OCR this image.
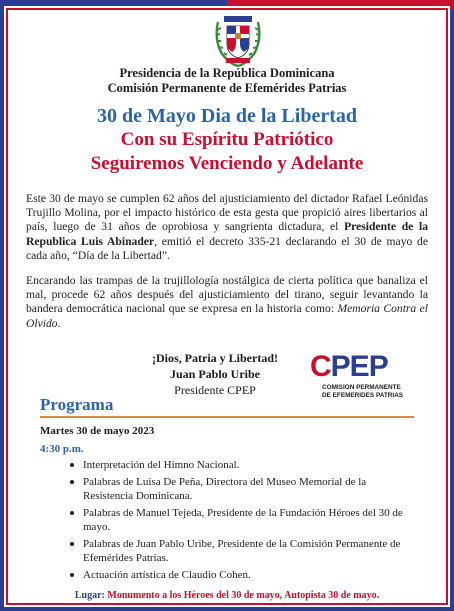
Presidencia de la República Dominicana
Comisión Permanente de Efemérides Patrias
30 de Mayo Dia de la Libertad
Con su Espíritu Patriótico
Seguiremos Venciendo y Adelante

Este 30 de mayo se cumplen 62 años del ajusticiamiento del dictador Rafael Leónidas Trujillo Molina, por el impacto histórico de esta gesta que propició aires libertarios al país, luego de 31 años de oprobiosa y sangrienta dictadura, el Presidente de la Republica Luis Abinader, emitió el decreto 335-21 declarando el 30 de mayo de cada año, “Día de la Libertad”.

Encarando las trampas de la trujillología nostálgica de cierta política que banaliza el mal, procede 62 años después del ajusticiamiento del tirano, seguir levantando la bandera democrática nacional que se expresa en la historia como: Memoria Contra el Olvido.

¡Dios, Patria y Libertad!
Juan Pablo Uribe
Presidente CPEP
CPEP
COMISION PERMANENTE
DE EFEMERIDES PATRIAS
Programa
Martes 30 de mayo 2023
4:30 p.m.
Interpretación del Himno Nacional.
Palabras de Luisa De Peña, Directora del Museo Memorial de la Resistencia Dominicana.
Palabras de Manuel Tejeda, Presidente de la Fundación Héroes del 30 de mayo.
Palabras de Juan Pablo Uribe, Presidente de la Comisión Permanente de Efemérides Patrias.
Actuación artística de Claudio Cohen.
Lugar: Monumento a los Héroes del 30 de mayo, Autopista 30 de mayo.
